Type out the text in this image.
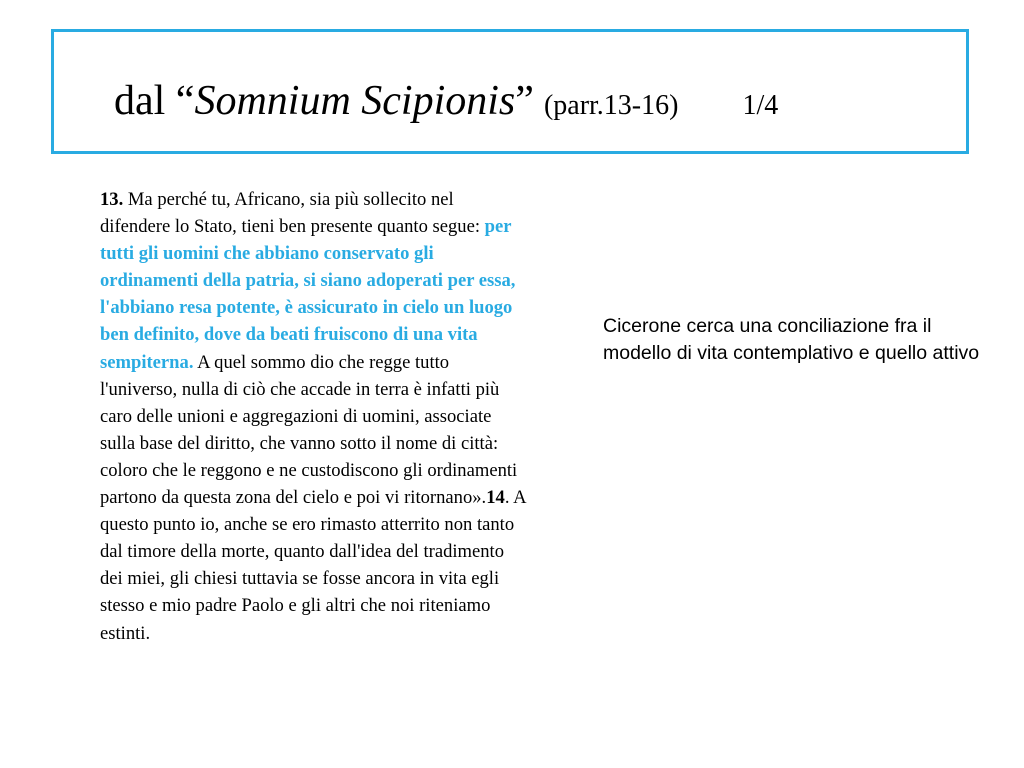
dal “Somnium Scipionis” (parr.13-16) 1/4

13. Ma perché tu, Africano, sia più sollecito nel difendere lo Stato, tieni ben presente quanto segue: per tutti gli uomini che abbiano conservato gli ordinamenti della patria, si siano adoperati per essa, l'abbiano resa potente, è assicurato in cielo un luogo ben definito, dove da beati fruiscono di una vita sempiterna. A quel sommo dio che regge tutto l'universo, nulla di ciò che accade in terra è infatti più caro delle unioni e aggregazioni di uomini, associate sulla base del diritto, che vanno sotto il nome di città: coloro che le reggono e ne custodiscono gli ordinamenti partono da questa zona del cielo e poi vi ritornano».14. A questo punto io, anche se ero rimasto atterrito non tanto dal timore della morte, quanto dall'idea del tradimento dei miei, gli chiesi tuttavia se fosse ancora in vita egli stesso e mio padre Paolo e gli altri che noi riteniamo estinti.

Cicerone cerca una conciliazione fra il modello di vita contemplativo e quello attivo
